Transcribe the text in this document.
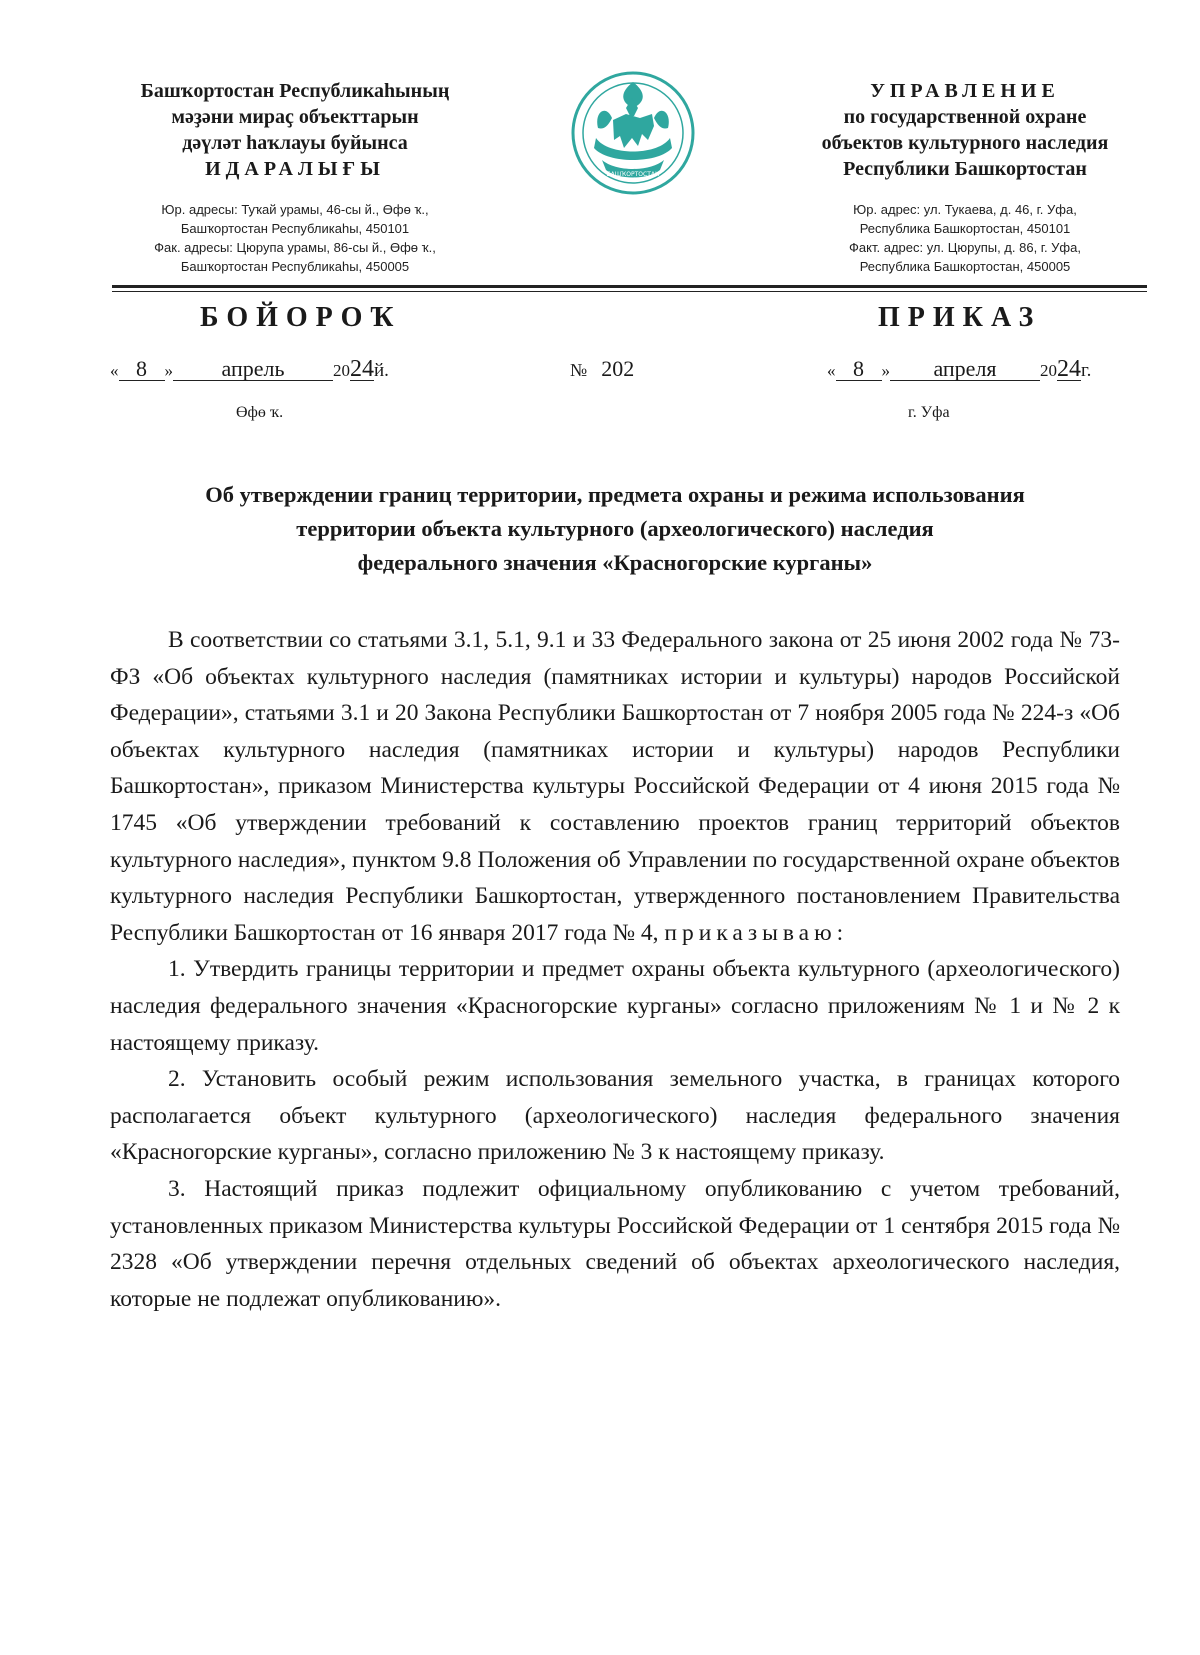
Башҡортостан Республикаһының
мәҙәни мираҫ объекттарын
дәүләт һаҡлауы буйынса
ИДАРАЛЫҒЫ
Юр. адресы: Туҡай урамы, 46-сы й., Өфө ҡ.,
Башҡортостан Республикаһы, 450101
Фак. адресы: Цюрупа урамы, 86-сы й., Өфө ҡ.,
Башҡортостан Республикаһы, 450005
БАШҠОРТОСТАН
УПРАВЛЕНИЕ
по государственной охране
объектов культурного наследия
Республики Башкортостан
Юр. адрес: ул. Тукаева, д. 46, г. Уфа,
Республика Башкортостан, 450101
Факт. адрес: ул. Цюрупы, д. 86, г. Уфа,
Республика Башкортостан, 450005
БОЙОРОҠ	ПРИКАЗ
« 8 » апрель	2024й.	№ 202	« 8 » апреля	2024г.
Өфө ҡ.	г. Уфа
Об утверждении границ территории, предмета охраны и режима использования
территории объекта культурного (археологического) наследия
федерального значения «Красногорские курганы»

В соответствии со статьями 3.1, 5.1, 9.1 и 33 Федерального закона от 25 июня 2002 года № 73-ФЗ «Об объектах культурного наследия (памятниках истории и культуры) народов Российской Федерации», статьями 3.1 и 20 Закона Республики Башкортостан от 7 ноября 2005 года № 224-з «Об объектах культурного наследия (памятниках истории и культуры) народов Республики Башкортостан», приказом Министерства культуры Российской Федерации от 4 июня 2015 года № 1745 «Об утверждении требований к составлению проектов границ территорий объектов культурного наследия», пунктом 9.8 Положения об Управлении по государственной охране объектов культурного наследия Республики Башкортостан, утвержденного постановлением Правительства Республики Башкортостан от 16 января 2017 года № 4, приказываю:

1. Утвердить границы территории и предмет охраны объекта культурного (археологического) наследия федерального значения «Красногорские курганы» согласно приложениям № 1 и № 2 к настоящему приказу.

2. Установить особый режим использования земельного участка, в границах которого располагается объект культурного (археологического) наследия федерального значения «Красногорские курганы», согласно приложению № 3 к настоящему приказу.

3. Настоящий приказ подлежит официальному опубликованию с учетом требований, установленных приказом Министерства культуры Российской Федерации от 1 сентября 2015 года № 2328 «Об утверждении перечня отдельных сведений об объектах археологического наследия, которые не подлежат опубликованию».
